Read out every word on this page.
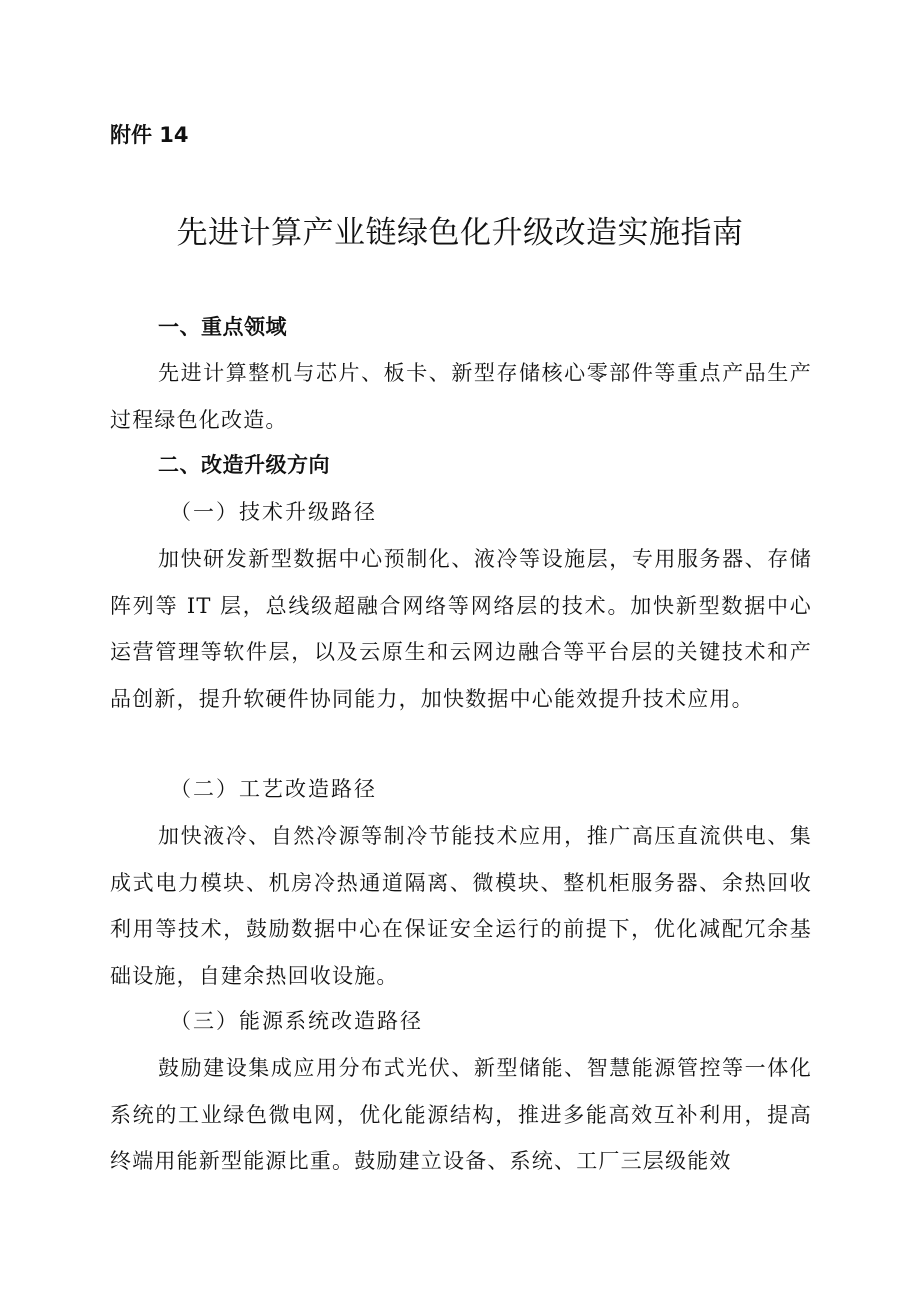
附件 14
先进计算产业链绿色化升级改造实施指南
一、重点领域

先进计算整机与芯片、板卡、新型存储核心零部件等重点产品生产过程绿色化改造。

二、改造升级方向
（一）技术升级路径

加快研发新型数据中心预制化、液冷等设施层，专用服务器、存储阵列等 IT 层，总线级超融合网络等网络层的技术。加快新型数据中心运营管理等软件层，以及云原生和云网边融合等平台层的关键技术和产品创新，提升软硬件协同能力，加快数据中心能效提升技术应用。

（二）工艺改造路径

加快液冷、自然冷源等制冷节能技术应用，推广高压直流供电、集成式电力模块、机房冷热通道隔离、微模块、整机柜服务器、余热回收利用等技术，鼓励数据中心在保证安全运行的前提下，优化减配冗余基础设施，自建余热回收设施。

（三）能源系统改造路径

鼓励建设集成应用分布式光伏、新型储能、智慧能源管控等一体化系统的工业绿色微电网，优化能源结构，推进多能高效互补利用，提高终端用能新型能源比重。鼓励建立设备、系统、工厂三层级能效
